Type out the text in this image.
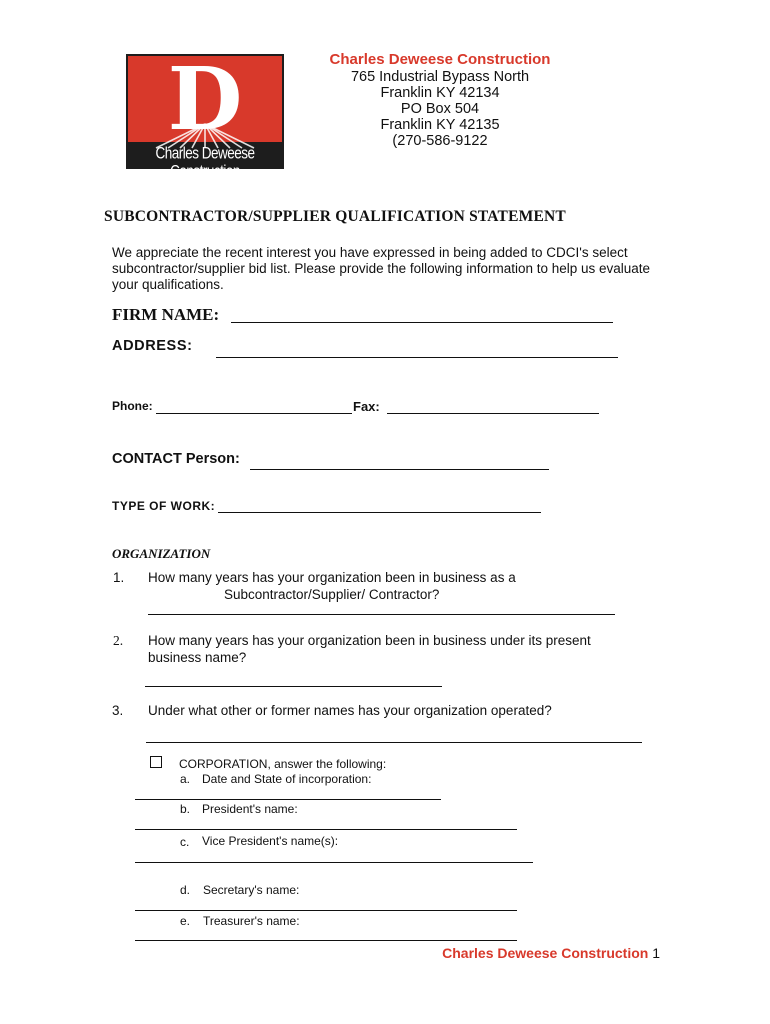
D
Charles Deweese Construction
Charles Deweese Construction
765 Industrial Bypass North
Franklin KY 42134
PO Box 504
Franklin KY 42135
(270-586-9122
SUBCONTRACTOR/SUPPLIER QUALIFICATION STATEMENT
We appreciate the recent interest you have expressed in being added to CDCI's select subcontractor/supplier bid list. Please provide the following information to help us evaluate your qualifications.
FIRM NAME:
ADDRESS:
Phone:	Fax:
CONTACT Person:
TYPE OF WORK:
ORGANIZATION
1. How many years has your organization been in business as a
Subcontractor/Supplier/ Contractor?
2. How many years has your organization been in business under its present
business name?
3. Under what other or former names has your organization operated?
CORPORATION, answer the following:
a. Date and State of incorporation:
b. President's name:
c. Vice President's name(s):
d. Secretary's name:
e. Treasurer's name:
Charles Deweese Construction 1
